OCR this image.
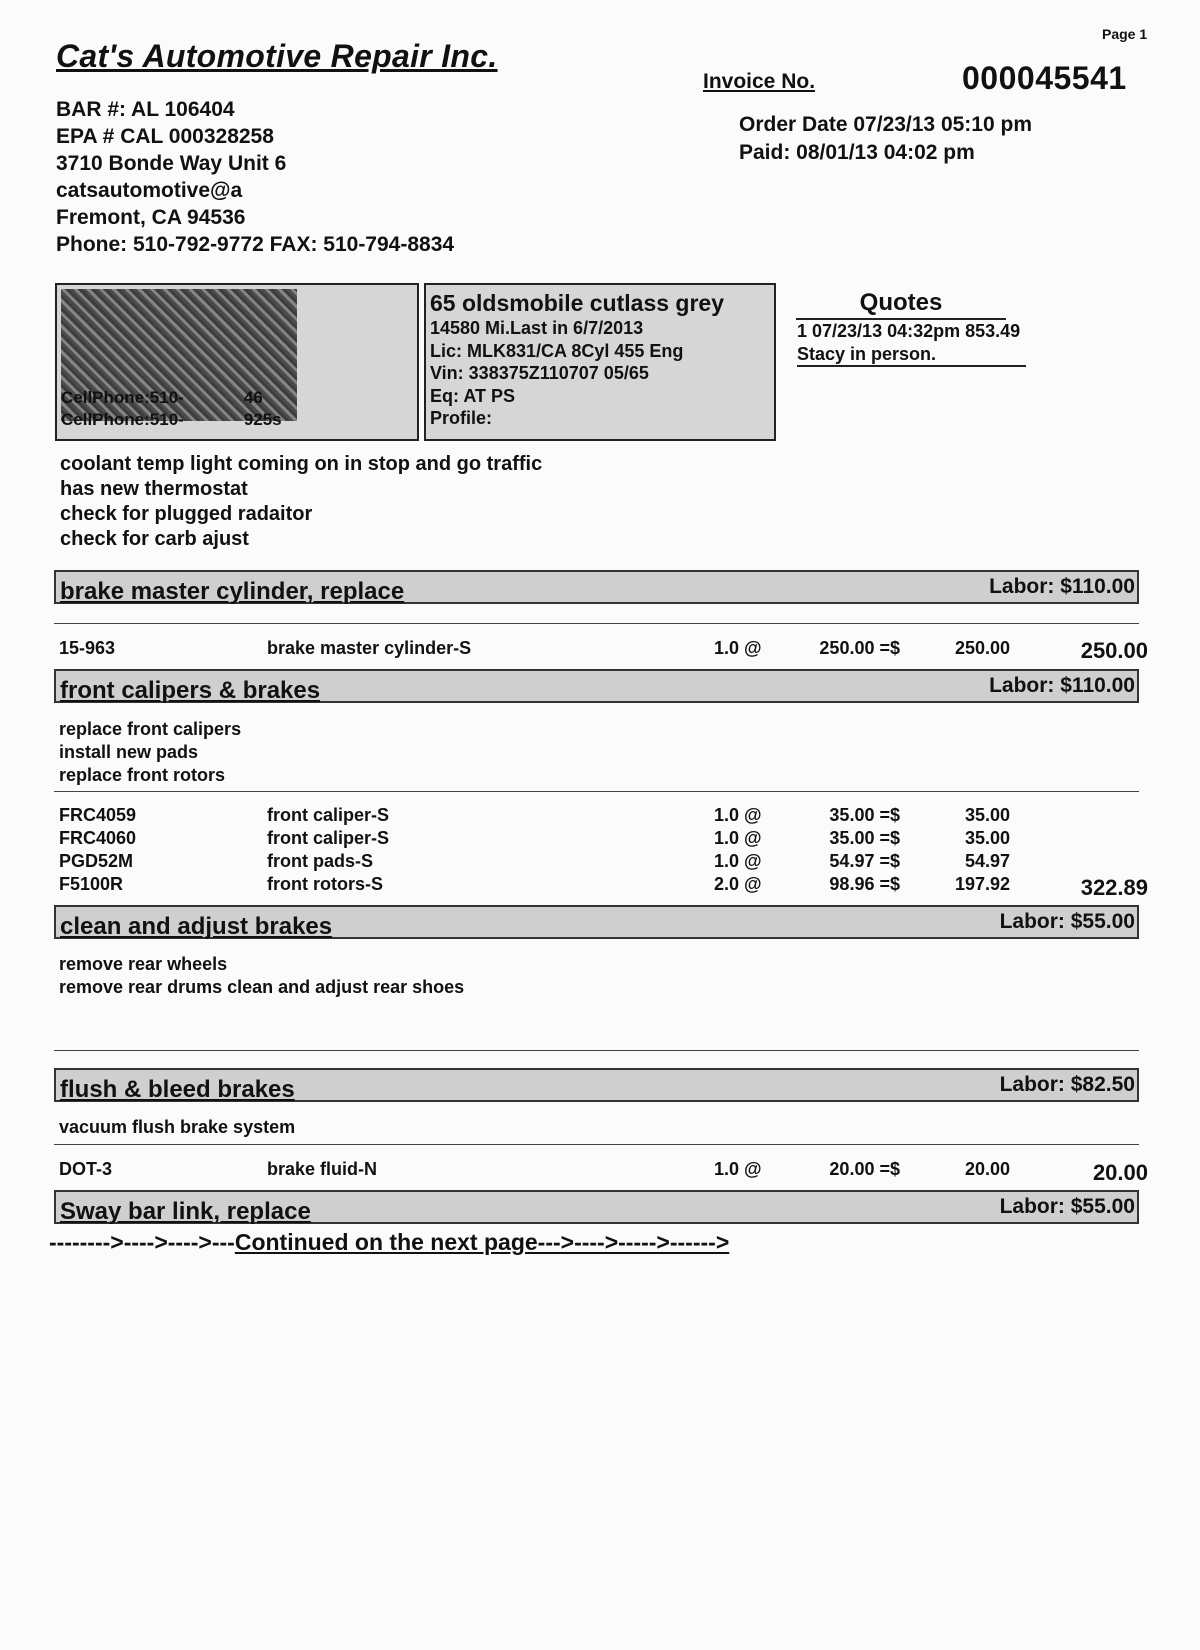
Page 1
Cat's Automotive Repair Inc.
BAR #: AL 106404
EPA # CAL 000328258
3710 Bonde Way Unit 6
catsautomotive@a
Fremont, CA 94536
Phone: 510-792-9772 FAX: 510-794-8834
Invoice No.	000045541
Order Date 07/23/13 05:10 pm
Paid: 08/01/13 04:02 pm
CellPhone:510-	46
CellPhone:510-	925s
65 oldsmobile cutlass grey
14580 Mi.Last in 6/7/2013
Lic: MLK831/CA 8Cyl 455 Eng
Vin: 338375Z110707 05/65
Eq: AT PS
Profile:
Quotes
1 07/23/13 04:32pm 853.49
Stacy in person.
coolant temp light coming on in stop and go traffic
has new thermostat
check for plugged radaitor
check for carb ajust
brake master cylinder, replace	Labor: $110.00
15-963	brake master cylinder-S	1.0 @	250.00 =$	250.00	250.00
front calipers & brakes	Labor: $110.00
replace front calipers
install new pads
replace front rotors
FRC4059	front caliper-S	1.0 @	35.00 =$	35.00
FRC4060	front caliper-S	1.0 @	35.00 =$	35.00
PGD52M	front pads-S	1.0 @	54.97 =$	54.97
F5100R	front rotors-S	2.0 @	98.96 =$	197.92	322.89
clean and adjust brakes	Labor: $55.00
remove rear wheels
remove rear drums clean and adjust rear shoes
flush & bleed brakes	Labor: $82.50
vacuum flush brake system
DOT-3	brake fluid-N	1.0 @	20.00 =$	20.00	20.00
Sway bar link, replace	Labor: $55.00
-------->---->---->---Continued on the next page--->---->----->------>
